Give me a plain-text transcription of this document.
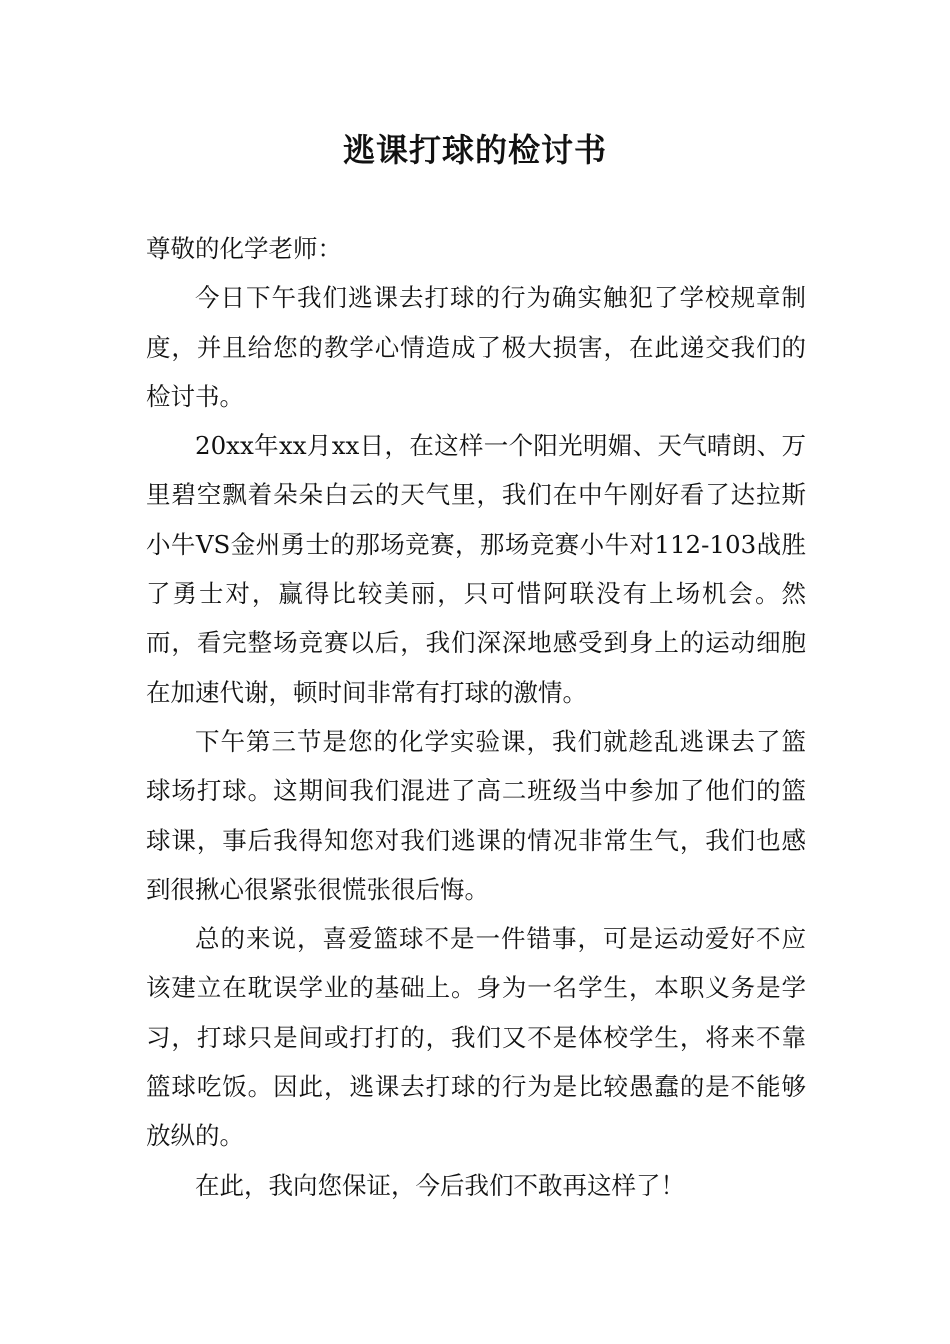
逃课打球的检讨书

尊敬的化学老师：

今日下午我们逃课去打球的行为确实触犯了学校规章制度，并且给您的教学心情造成了极大损害，在此递交我们的检讨书。

20xx年xx月xx日，在这样一个阳光明媚、天气晴朗、万里碧空飘着朵朵白云的天气里，我们在中午刚好看了达拉斯小牛VS金州勇士的那场竞赛，那场竞赛小牛对112-103战胜了勇士对，赢得比较美丽，只可惜阿联没有上场机会。然而，看完整场竞赛以后，我们深深地感受到身上的运动细胞在加速代谢，顿时间非常有打球的激情。

下午第三节是您的化学实验课，我们就趁乱逃课去了篮球场打球。这期间我们混进了高二班级当中参加了他们的篮球课，事后我得知您对我们逃课的情况非常生气，我们也感到很揪心很紧张很慌张很后悔。

总的来说，喜爱篮球不是一件错事，可是运动爱好不应该建立在耽误学业的基础上。身为一名学生，本职义务是学习，打球只是间或打打的，我们又不是体校学生，将来不靠篮球吃饭。因此，逃课去打球的行为是比较愚蠢的是不能够放纵的。

在此，我向您保证，今后我们不敢再这样了！
